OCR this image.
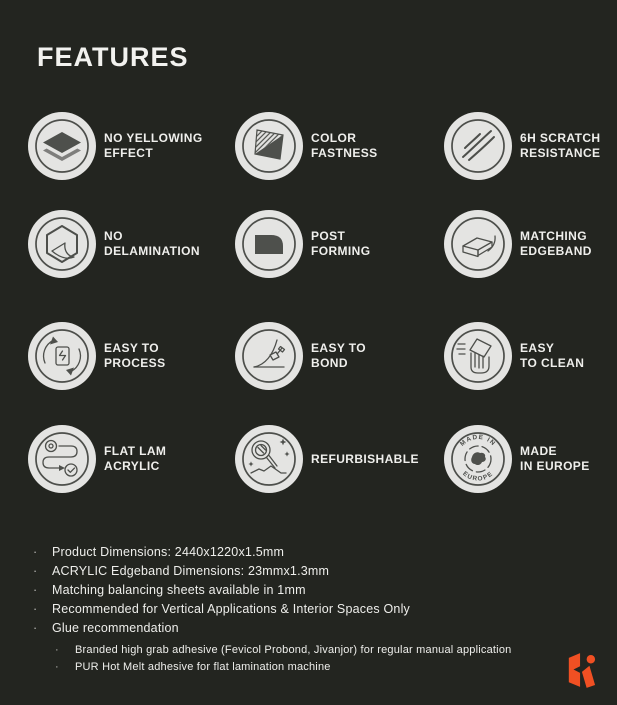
FEATURES
NO YELLOWING
EFFECT
COLOR
FASTNESS
6H SCRATCH
RESISTANCE
NO
DELAMINATION
POST
FORMING
MATCHING
EDGEBAND
EASY TO
PROCESS
EASY TO
BOND
EASY
TO CLEAN
FLAT LAM
ACRYLIC
REFURBISHABLE
MADE IN
EUROPE
MADE
IN EUROPE
·	Product Dimensions: 2440x1220x1.5mm
·	ACRYLIC Edgeband Dimensions: 23mmx1.3mm
·	Matching balancing sheets available in 1mm
·	Recommended for Vertical Applications & Interior Spaces Only
·	Glue recommendation
·	Branded high grab adhesive (Fevicol Probond, Jivanjor) for regular manual application
·	PUR Hot Melt adhesive for flat lamination machine
